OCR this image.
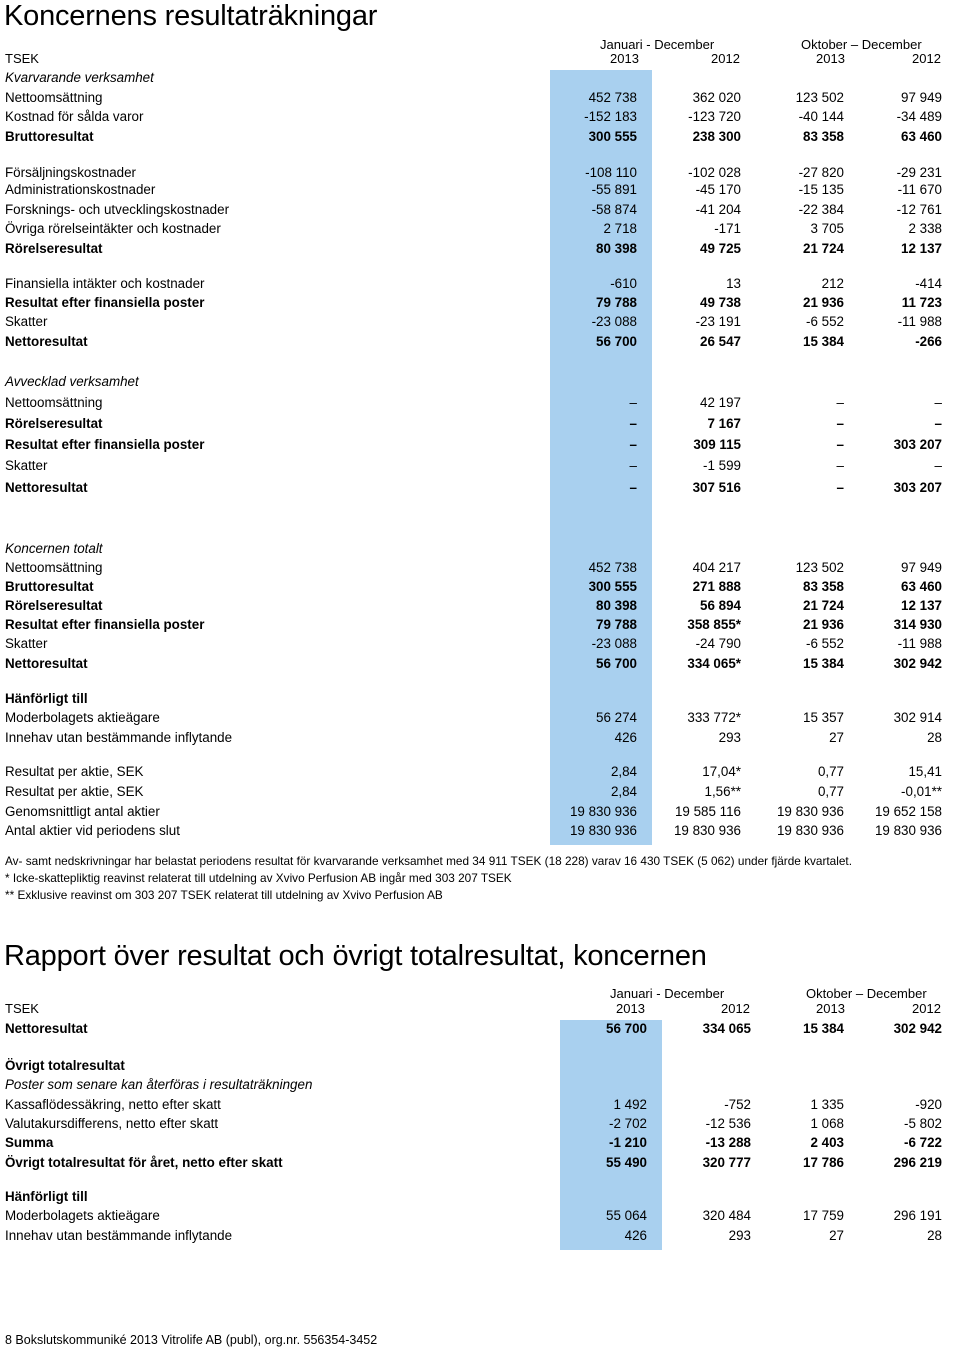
Koncernens resultaträkningar
Januari - December	Oktober – December
TSEK	2013	2012	2013	2012
Kvarvarande verksamhet
Nettoomsättning	452 738	362 020	123 502	97 949
Kostnad för sålda varor	-152 183	-123 720	-40 144	-34 489
Bruttoresultat	300 555	238 300	83 358	63 460
Försäljningskostnader	-108 110	-102 028	-27 820	-29 231
Administrationskostnader	-55 891	-45 170	-15 135	-11 670
Forsknings- och utvecklingskostnader	-58 874	-41 204	-22 384	-12 761
Övriga rörelseintäkter och kostnader	2 718	-171	3 705	2 338
Rörelseresultat	80 398	49 725	21 724	12 137
Finansiella intäkter och kostnader	-610	13	212	-414
Resultat efter finansiella poster	79 788	49 738	21 936	11 723
Skatter	-23 088	-23 191	-6 552	-11 988
Nettoresultat	56 700	26 547	15 384	-266
Avvecklad verksamhet
Nettoomsättning	–	42 197	–	–
Rörelseresultat	–	7 167	–	–
Resultat efter finansiella poster	–	309 115	–	303 207
Skatter	–	-1 599	–	–
Nettoresultat	–	307 516	–	303 207
Koncernen totalt
Nettoomsättning	452 738	404 217	123 502	97 949
Bruttoresultat	300 555	271 888	83 358	63 460
Rörelseresultat	80 398	56 894	21 724	12 137
Resultat efter finansiella poster	79 788	358 855*	21 936	314 930
Skatter	-23 088	-24 790	-6 552	-11 988
Nettoresultat	56 700	334 065*	15 384	302 942
Hänförligt till
Moderbolagets aktieägare	56 274	333 772*	15 357	302 914
Innehav utan bestämmande inflytande	426	293	27	28
Resultat per aktie, SEK	2,84	17,04*	0,77	15,41
Resultat per aktie, SEK	2,84	1,56**	0,77	-0,01**
Genomsnittligt antal aktier	19 830 936	19 585 116	19 830 936	19 652 158
Antal aktier vid periodens slut	19 830 936	19 830 936	19 830 936	19 830 936
Av- samt nedskrivningar har belastat periodens resultat för kvarvarande verksamhet med 34 911 TSEK (18 228) varav 16 430 TSEK (5 062) under fjärde kvartalet.
* Icke-skattepliktig reavinst relaterat till utdelning av Xvivo Perfusion AB ingår med 303 207 TSEK
** Exklusive reavinst om 303 207 TSEK relaterat till utdelning av Xvivo Perfusion AB
Rapport över resultat och övrigt totalresultat, koncernen
Januari - December	Oktober – December
TSEK	2013	2012	2013	2012
Nettoresultat	56 700	334 065	15 384	302 942
Övrigt totalresultat
Poster som senare kan återföras i resultaträkningen
Kassaflödessäkring, netto efter skatt	1 492	-752	1 335	-920
Valutakursdifferens, netto efter skatt	-2 702	-12 536	1 068	-5 802
Summa	-1 210	-13 288	2 403	-6 722
Övrigt totalresultat för året, netto efter skatt	55 490	320 777	17 786	296 219
Hänförligt till
Moderbolagets aktieägare	55 064	320 484	17 759	296 191
Innehav utan bestämmande inflytande	426	293	27	28
8 Bokslutskommuniké 2013 Vitrolife AB (publ), org.nr. 556354-3452
